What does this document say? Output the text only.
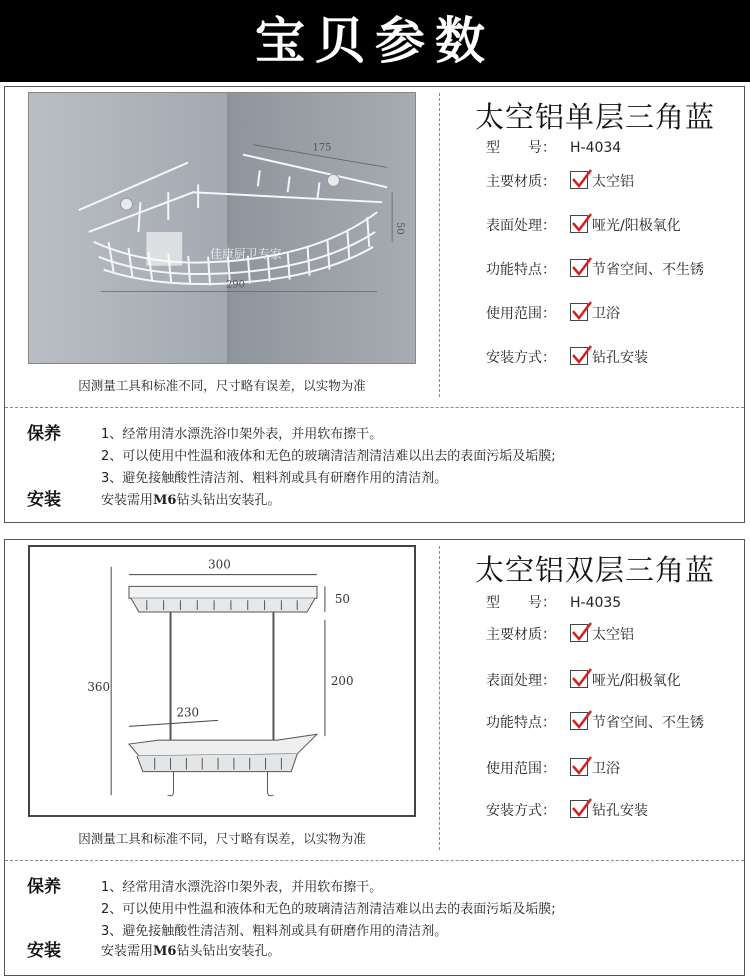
宝贝参数
175
50
290
佳康厨卫专家
因测量工具和标准不同，尺寸略有误差，以实物为准
太空铝单层三角蓝
型　　号： H-4034
主要材质：	太空铝
表面处理：	哑光/阳极氧化
功能特点：	节省空间、不生锈
使用范围：	卫浴
安装方式：	钻孔安装
保养	1、经常用清水漂洗浴巾架外表，并用软布擦干。
2、可以使用中性温和液体和无色的玻璃清洁剂清洁难以出去的表面污垢及垢膜;
3、避免接触酸性清洁剂、粗料剂或具有研磨作用的清洁剂。
安装	安装需用M6钻头钻出安装孔。
300
50
200
360
230
因测量工具和标准不同，尺寸略有误差，以实物为准
太空铝双层三角蓝
型　　号： H-4035
主要材质：	太空铝
表面处理：	哑光/阳极氧化
功能特点：	节省空间、不生锈
使用范围：	卫浴
安装方式：	钻孔安装
保养	1、经常用清水漂洗浴巾架外表，并用软布擦干。
2、可以使用中性温和液体和无色的玻璃清洁剂清洁难以出去的表面污垢及垢膜;
3、避免接触酸性清洁剂、粗料剂或具有研磨作用的清洁剂。
安装	安装需用M6钻头钻出安装孔。
